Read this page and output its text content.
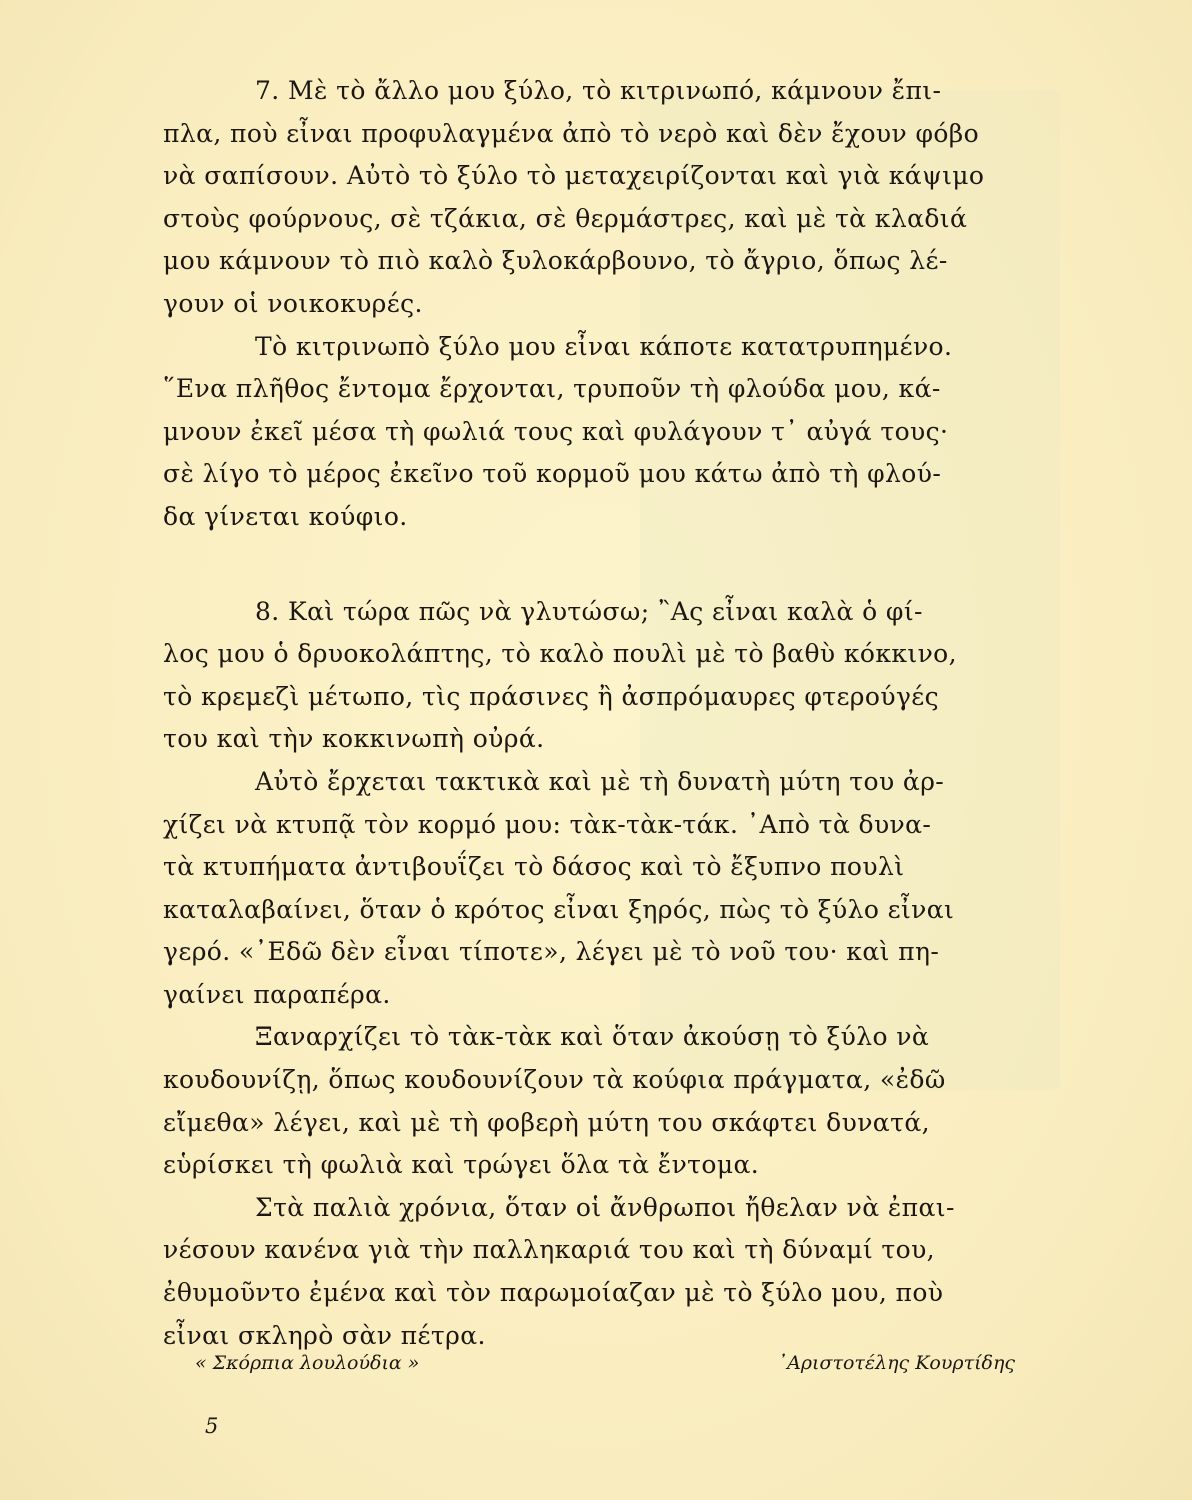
7. Μὲ τὸ ἄλλο μου ξύλο, τὸ κιτρινωπό, κάμνουν ἔπι-
πλα, ποὺ εἶναι προφυλαγμένα ἀπὸ τὸ νερὸ καὶ δὲν ἔχουν φόβο
νὰ σαπίσουν. Αὐτὸ τὸ ξύλο τὸ μεταχειρίζονται καὶ γιὰ κάψιμο
στοὺς φούρνους, σὲ τζάκια, σὲ θερμάστρες, καὶ μὲ τὰ κλαδιά
μου κάμνουν τὸ πιὸ καλὸ ξυλοκάρβουνο, τὸ ἄγριο, ὅπως λέ-
γουν οἱ νοικοκυρές.
Τὸ κιτρινωπὸ ξύλο μου εἶναι κάποτε κατατρυπημένο.
῞Ενα πλῆθος ἔντομα ἔρχονται, τρυποῦν τὴ φλούδα μου, κά-
μνουν ἐκεῖ μέσα τὴ φωλιά τους καὶ φυλάγουν τ᾿ αὐγά τους·
σὲ λίγο τὸ μέρος ἐκεῖνο τοῦ κορμοῦ μου κάτω ἀπὸ τὴ φλού-
δα γίνεται κούφιο.
8. Καὶ τώρα πῶς νὰ γλυτώσω; ῍Ας εἶναι καλὰ ὁ φί-
λος μου ὁ δρυοκολάπτης, τὸ καλὸ πουλὶ μὲ τὸ βαθὺ κόκκινο,
τὸ κρεμεζὶ μέτωπο, τὶς πράσινες ἢ ἀσπρόμαυρες φτερούγές
του καὶ τὴν κοκκινωπὴ οὐρά.
Αὐτὸ ἔρχεται τακτικὰ καὶ μὲ τὴ δυνατὴ μύτη του ἀρ-
χίζει νὰ κτυπᾷ τὸν κορμό μου: τὰκ-τὰκ-τάκ. ᾿Απὸ τὰ δυνα-
τὰ κτυπήματα ἀντιβουΐζει τὸ δάσος καὶ τὸ ἔξυπνο πουλὶ
καταλαβαίνει, ὅταν ὁ κρότος εἶναι ξηρός, πὼς τὸ ξύλο εἶναι
γερό. «᾿Εδῶ δὲν εἶναι τίποτε», λέγει μὲ τὸ νοῦ του· καὶ πη-
γαίνει παραπέρα.
Ξαναρχίζει τὸ τὰκ-τὰκ καὶ ὅταν ἀκούσῃ τὸ ξύλο νὰ
κουδουνίζῃ, ὅπως κουδουνίζουν τὰ κούφια πράγματα, «ἐδῶ
εἴμεθα» λέγει, καὶ μὲ τὴ φοβερὴ μύτη του σκάφτει δυνατά,
εὑρίσκει τὴ φωλιὰ καὶ τρώγει ὅλα τὰ ἔντομα.
Στὰ παλιὰ χρόνια, ὅταν οἱ ἄνθρωποι ἤθελαν νὰ ἐπαι-
νέσουν κανένα γιὰ τὴν παλληκαριά του καὶ τὴ δύναμί του,
ἐθυμοῦντο ἐμένα καὶ τὸν παρωμοίαζαν μὲ τὸ ξύλο μου, ποὺ
εἶναι σκληρὸ σὰν πέτρα.
« Σκόρπια λουλούδια »	᾿Αριστοτέλης Κουρτίδης
5
